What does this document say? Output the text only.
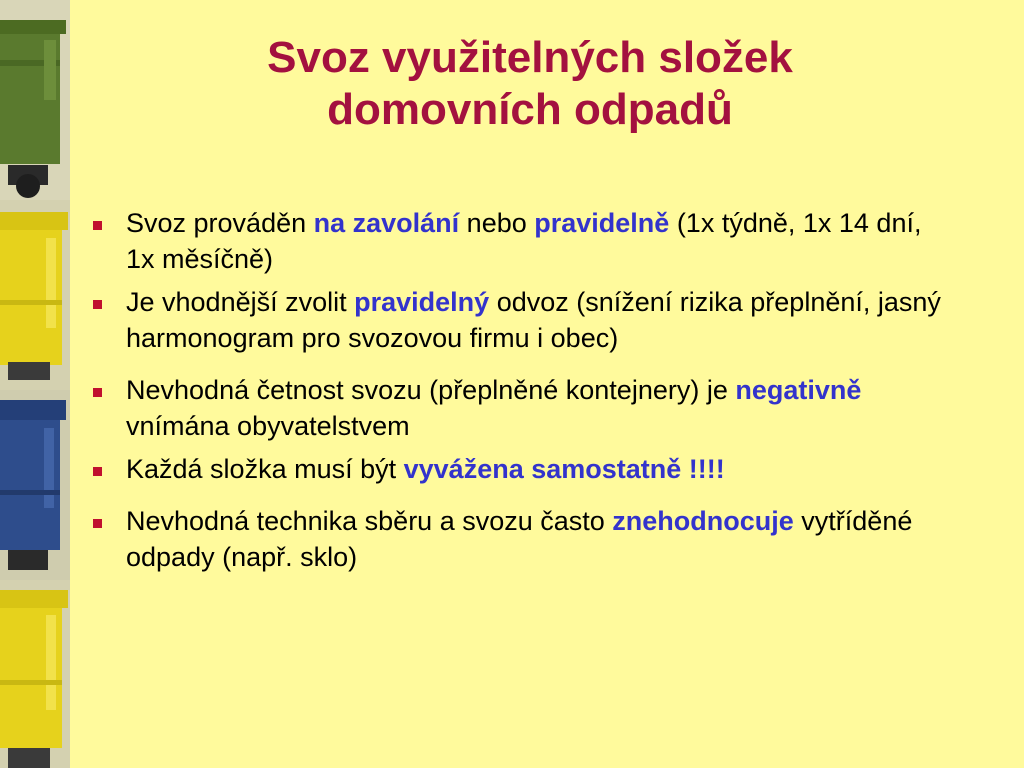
Svoz využitelných složek
domovních odpadů
Svoz prováděn na zavolání nebo pravidelně (1x týdně, 1x 14 dní, 1x měsíčně)
Je vhodnější zvolit pravidelný odvoz (snížení rizika přeplnění, jasný harmonogram pro svozovou firmu i obec)
Nevhodná četnost svozu (přeplněné kontejnery) je negativně vnímána obyvatelstvem
Každá složka musí být vyvážena samostatně !!!!
Nevhodná technika sběru a svozu často znehodnocuje vytříděné odpady (např. sklo)
